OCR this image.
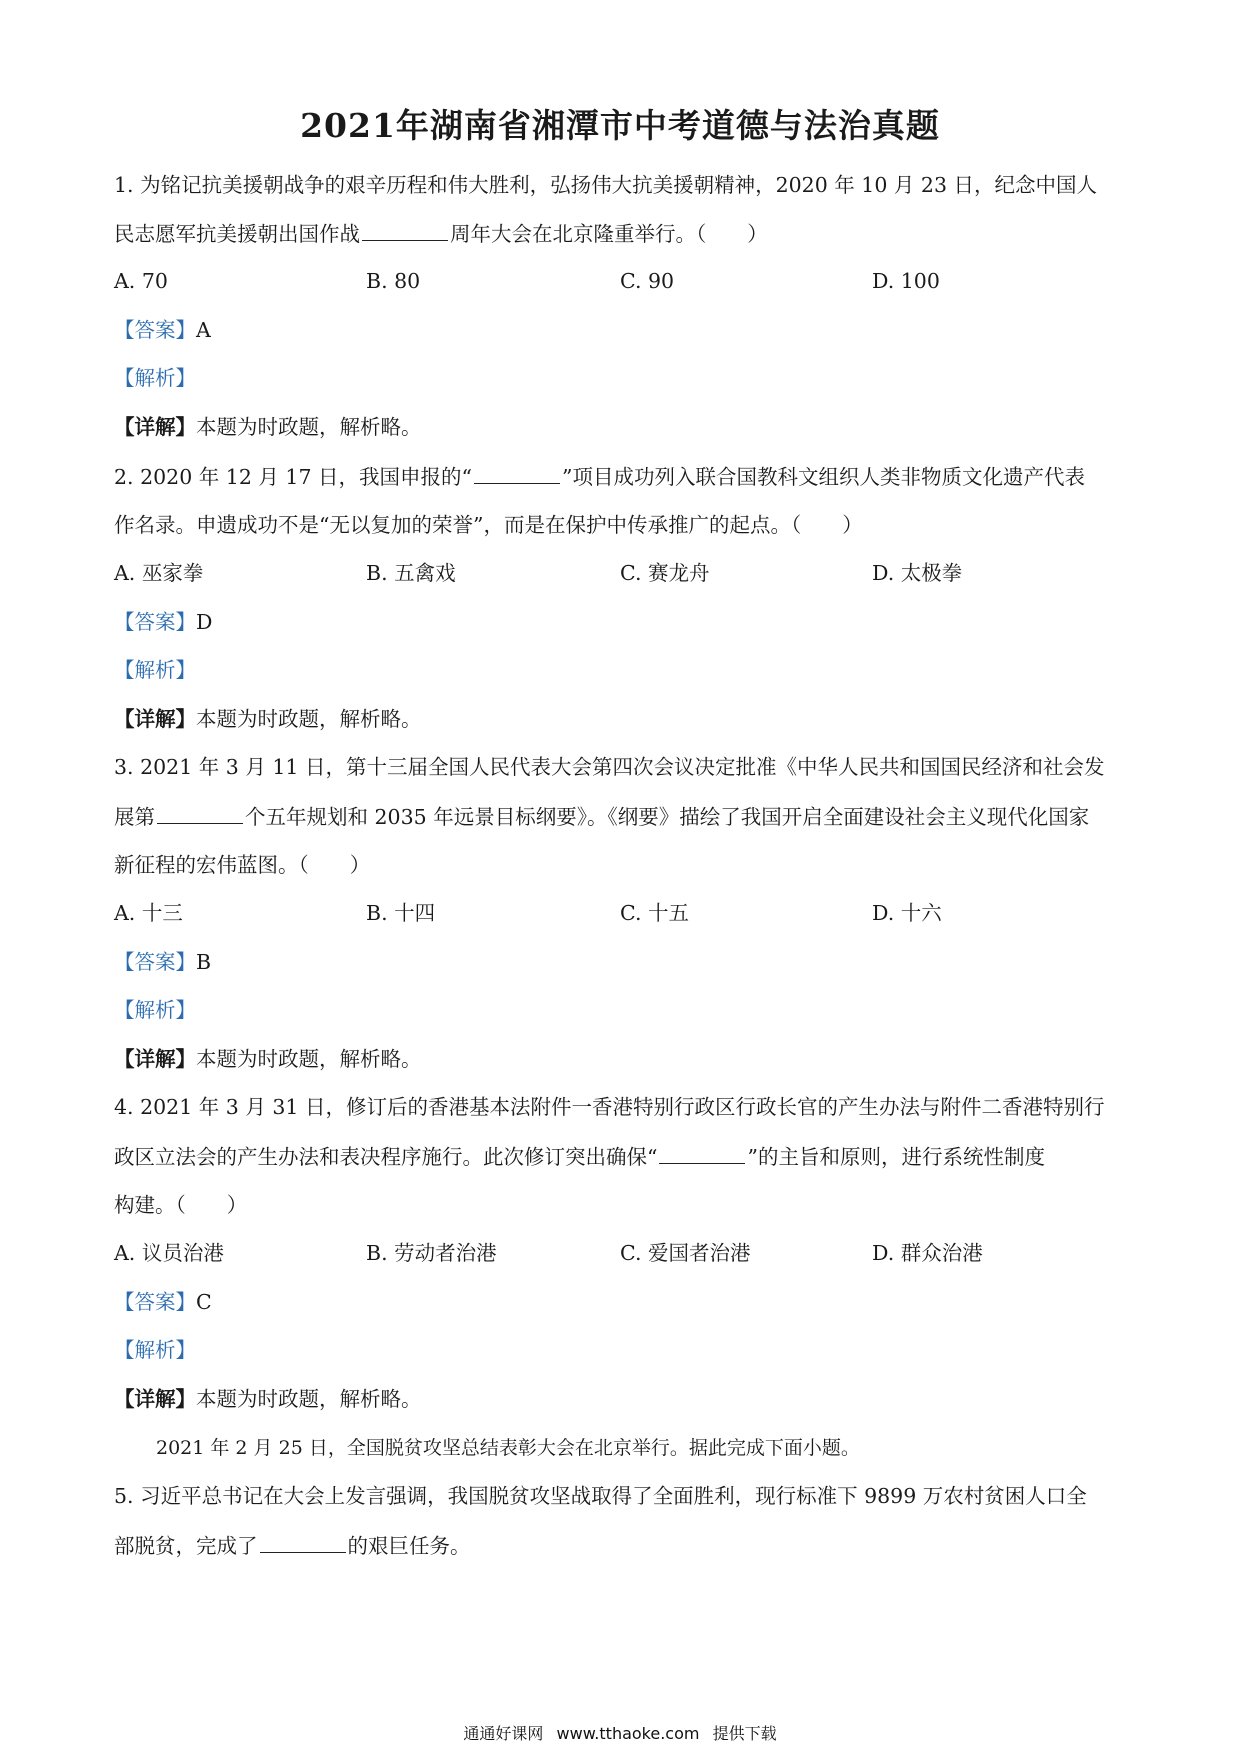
2021年湖南省湘潭市中考道德与法治真题
1. 为铭记抗美援朝战争的艰辛历程和伟大胜利，弘扬伟大抗美援朝精神，2020 年 10 月 23 日，纪念中国人
民志愿军抗美援朝出国作战	周年大会在北京隆重举行。（　　）
A. 70	B. 80	C. 90	D. 100
【答案】A
【解析】
【详解】本题为时政题，解析略。
2. 2020 年 12 月 17 日，我国申报的“	”项目成功列入联合国教科文组织人类非物质文化遗产代表
作名录。申遗成功不是“无以复加的荣誉”，而是在保护中传承推广的起点。（　　）
A. 巫家拳	B. 五禽戏	C. 赛龙舟	D. 太极拳
【答案】D
【解析】
【详解】本题为时政题，解析略。
3. 2021 年 3 月 11 日，第十三届全国人民代表大会第四次会议决定批准《中华人民共和国国民经济和社会发
展第	个五年规划和 2035 年远景目标纲要》。《纲要》描绘了我国开启全面建设社会主义现代化国家
新征程的宏伟蓝图。（　　）
A. 十三	B. 十四	C. 十五	D. 十六
【答案】B
【解析】
【详解】本题为时政题，解析略。
4. 2021 年 3 月 31 日，修订后的香港基本法附件一香港特别行政区行政长官的产生办法与附件二香港特别行
政区立法会的产生办法和表决程序施行。此次修订突出确保“	”的主旨和原则，进行系统性制度
构建。（　　）
A. 议员治港	B. 劳动者治港	C. 爱国者治港	D. 群众治港
【答案】C
【解析】
【详解】本题为时政题，解析略。
2021 年 2 月 25 日，全国脱贫攻坚总结表彰大会在北京举行。据此完成下面小题。
5. 习近平总书记在大会上发言强调，我国脱贫攻坚战取得了全面胜利，现行标准下 9899 万农村贫困人口全
部脱贫，完成了	的艰巨任务。
通通好课网 www.tthaoke.com 提供下载
